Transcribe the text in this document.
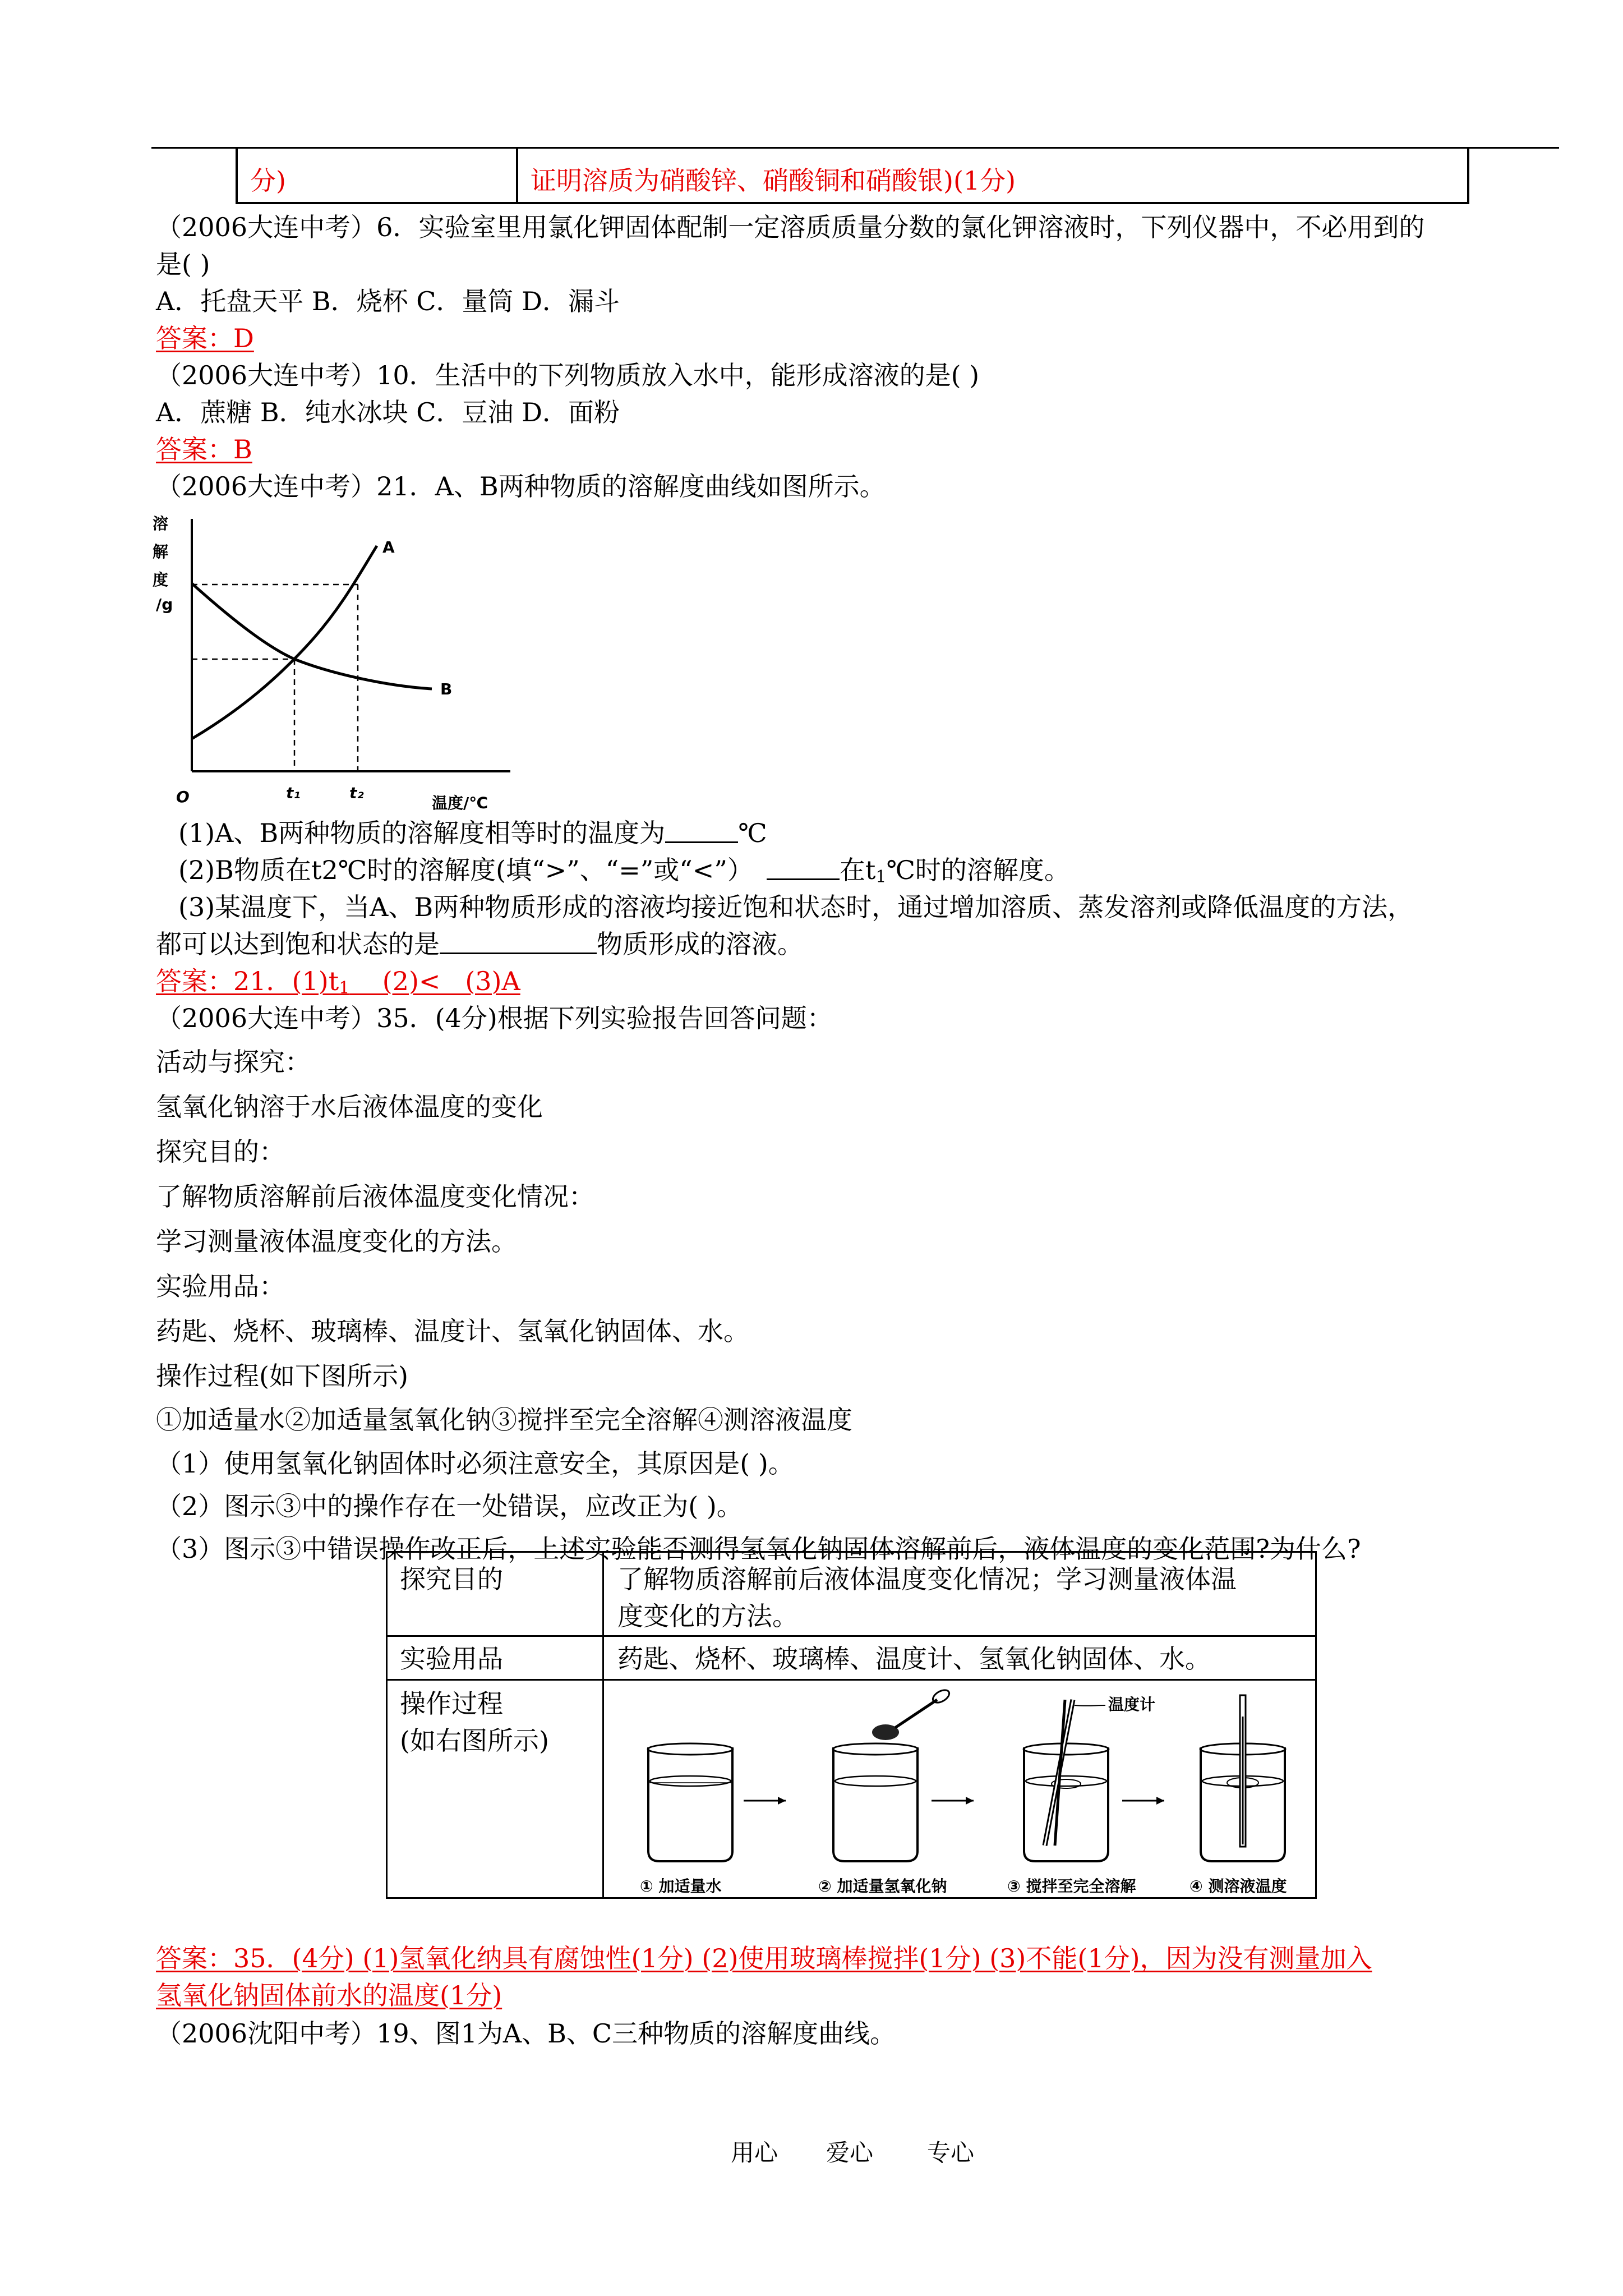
分)	证明溶质为硝酸锌、硝酸铜和硝酸银)(1分)
（2006大连中考）6．实验室里用氯化钾固体配制一定溶质质量分数的氯化钾溶液时，下列仪器中，不必用到的
是( )
A．托盘天平 B．烧杯 C．量筒 D．漏斗
答案：D
（2006大连中考）10．生活中的下列物质放入水中，能形成溶液的是( )
A．蔗糖 B．纯水冰块 C．豆油 D．面粉
答案：B
（2006大连中考）21．A、B两种物质的溶解度曲线如图所示。
溶
解
度
/g
A
B
O	t₁	t₂
温度/℃
(1)A、B两种物质的溶解度相等时的温度为	℃
(2)B物质在t2℃时的溶解度(填“>”、“=”或“<”）	在$t_1℃$时的溶解度。
(3)某温度下，当A、B两种物质形成的溶液均接近饱和状态时，通过增加溶质、蒸发溶剂或降低温度的方法，
都可以达到饱和状态的是	物质形成的溶液。
答案：21．$(1)t_1$    (2)<   (3)A
（2006大连中考）35．(4分)根据下列实验报告回答问题：
活动与探究：
氢氧化钠溶于水后液体温度的变化
探究目的：
了解物质溶解前后液体温度变化情况：
学习测量液体温度变化的方法。
实验用品：
药匙、烧杯、玻璃棒、温度计、氢氧化钠固体、水。
操作过程(如下图所示)
①加适量水②加适量氢氧化钠③搅拌至完全溶解④测溶液温度
（1）使用氢氧化钠固体时必须注意安全，其原因是( )。
（2）图示③中的操作存在一处错误，应改正为( )。
（3）图示③中错误操作改正后，上述实验能否测得氢氧化钠固体溶解前后，液体温度的变化范围?为什么?
探究目的	了解物质溶解前后液体温度变化情况；学习测量液体温
度变化的方法。
实验用品	药匙、烧杯、玻璃棒、温度计、氢氧化钠固体、水。
操作过程
(如右图所示)
温度计
① 加适量水	② 加适量氢氧化钠	③ 搅拌至完全溶解	④ 测溶液温度
答案：35．(4分) (1)氢氧化纳具有腐蚀性(1分) (2)使用玻璃棒搅拌(1分) (3)不能(1分)，因为没有测量加入
氢氧化钠固体前水的温度(1分)
（2006沈阳中考）19、图1为A、B、C三种物质的溶解度曲线。
用心 爱心 专心
